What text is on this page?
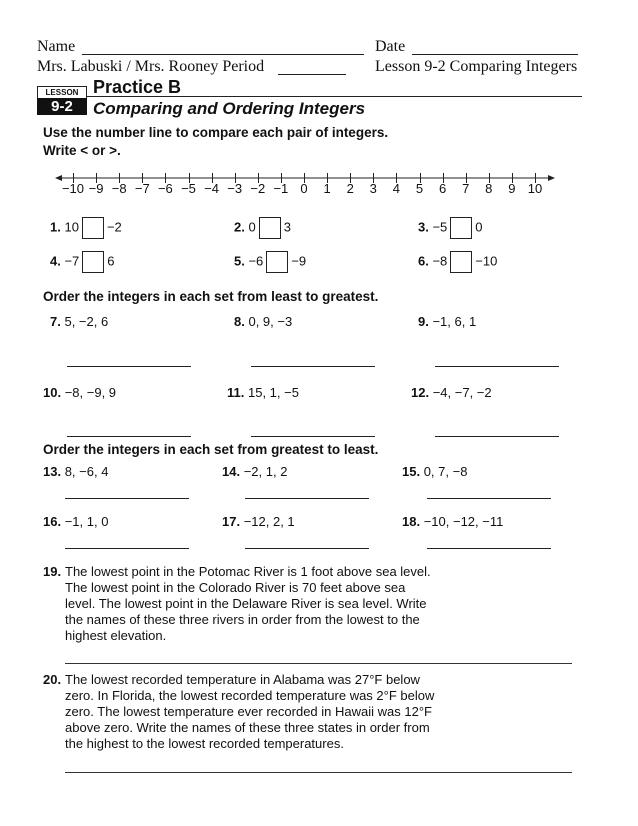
Name	Date
Mrs. Labuski / Mrs. Rooney Period	Lesson 9-2 Comparing Integers
LESSON
9-2
Practice B
Comparing and Ordering Integers
Use the number line to compare each pair of integers.
Write < or >.
−10 −9 −8 −7 −6 −5 −4 −3 −2 −1 0	1	2	3	4	5	6	7	8	9 10
1. 10 −2	2. 0 3	3. −5 0
4. −7 6	5. −6 −9	6. −8 −10
Order the integers in each set from least to greatest.
7. 5, −2, 6	8. 0, 9, −3	9. −1, 6, 1
10. −8, −9, 9	11. 15, 1, −5	12. −4, −7, −2
Order the integers in each set from greatest to least.
13. 8, −6, 4	14. −2, 1, 2	15. 0, 7, −8
16. −1, 1, 0	17. −12, 2, 1	18. −10, −12, −11
19. The lowest point in the Potomac River is 1 foot above sea level.
The lowest point in the Colorado River is 70 feet above sea
level. The lowest point in the Delaware River is sea level. Write
the names of these three rivers in order from the lowest to the
highest elevation.
20. The lowest recorded temperature in Alabama was 27°F below
zero. In Florida, the lowest recorded temperature was 2°F below
zero. The lowest temperature ever recorded in Hawaii was 12°F
above zero. Write the names of these three states in order from
the highest to the lowest recorded temperatures.
